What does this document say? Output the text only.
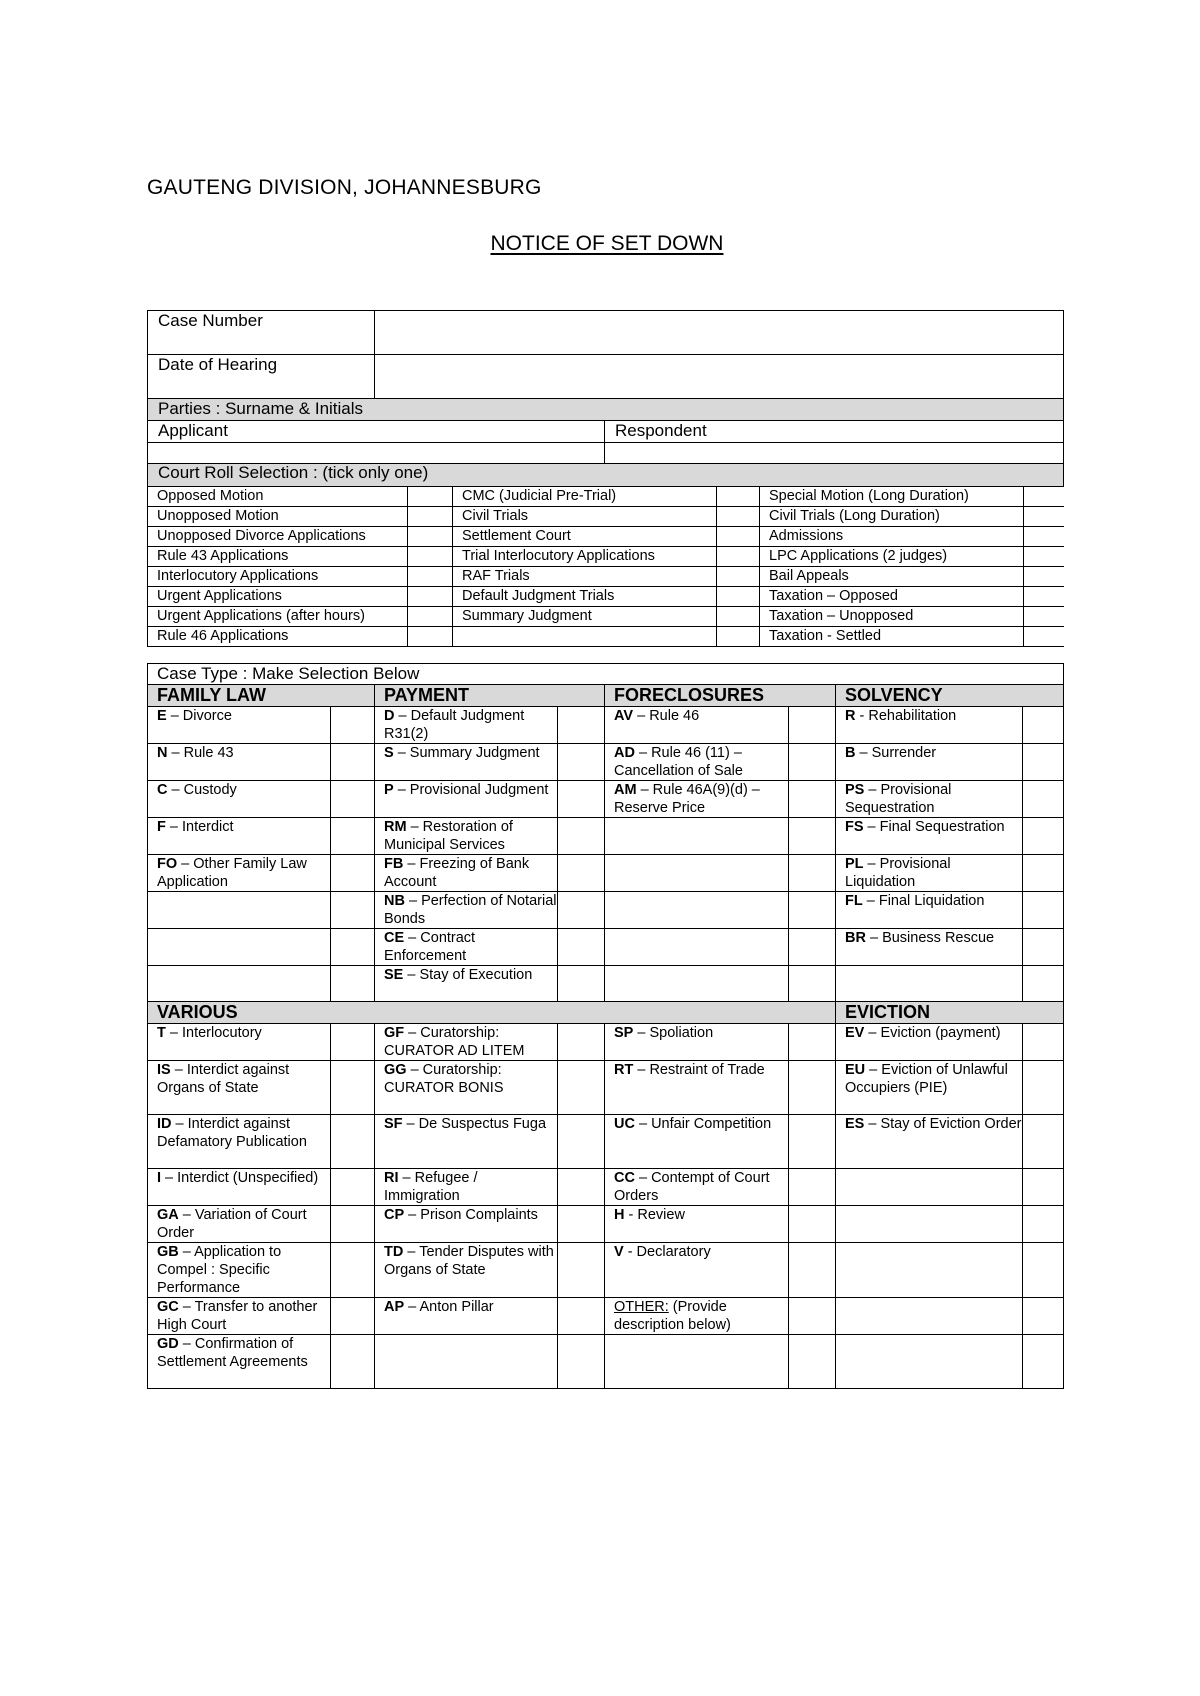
GAUTENG DIVISION, JOHANNESBURG
NOTICE OF SET DOWN
Case Number		
Date of Hearing		
Parties : Surname & Initials		
Applicant		Respondent

Court Roll Selection : (tick only one)					
Opposed Motion		CMC (Judicial Pre-Trial)		Special Motion (Long Duration)	
Unopposed Motion		Civil Trials		Civil Trials (Long Duration)	
Unopposed Divorce Applications		Settlement Court		Admissions	
Rule 43 Applications		Trial Interlocutory Applications		LPC Applications (2 judges)	
Interlocutory Applications		RAF Trials		Bail Appeals	
Urgent Applications		Default Judgment Trials		Taxation – Opposed	
Urgent Applications (after hours)		Summary Judgment		Taxation – Unopposed	
Rule 46 Applications				Taxation - Settled	
Case Type : Make Selection Below							
FAMILY LAW		PAYMENT		FORECLOSURES		SOLVENCY	
E – Divorce		D – Default Judgment R31(2)		AV – Rule 46		R - Rehabilitation	
N – Rule 43		S – Summary Judgment		AD – Rule 46 (11) – Cancellation of Sale		B – Surrender	
C – Custody		P – Provisional Judgment		AM – Rule 46A(9)(d) – Reserve Price		PS – Provisional Sequestration	
F – Interdict		RM – Restoration of Municipal Services				FS – Final Sequestration	
FO – Other Family Law Application		FB – Freezing of Bank Account				PL – Provisional Liquidation	
		NB – Perfection of Notarial Bonds				FL – Final Liquidation	
		CE – Contract Enforcement				BR – Business Rescue	
		SE – Stay of Execution					
VARIOUS						EVICTION	
T – Interlocutory		GF – Curatorship: CURATOR AD LITEM		SP – Spoliation		EV – Eviction (payment)	
IS – Interdict against Organs of State		GG – Curatorship: CURATOR BONIS		RT – Restraint of Trade		EU – Eviction of Unlawful Occupiers (PIE)	
ID – Interdict against Defamatory Publication		SF – De Suspectus Fuga		UC – Unfair Competition		ES – Stay of Eviction Order	
I – Interdict (Unspecified)		RI – Refugee / Immigration		CC – Contempt of Court Orders			
GA – Variation of Court Order		CP – Prison Complaints		H - Review			
GB – Application to Compel : Specific Performance		TD – Tender Disputes with Organs of State		V - Declaratory			
GC – Transfer to another High Court		AP – Anton Pillar		OTHER: (Provide description below)			
GD – Confirmation of Settlement Agreements							
